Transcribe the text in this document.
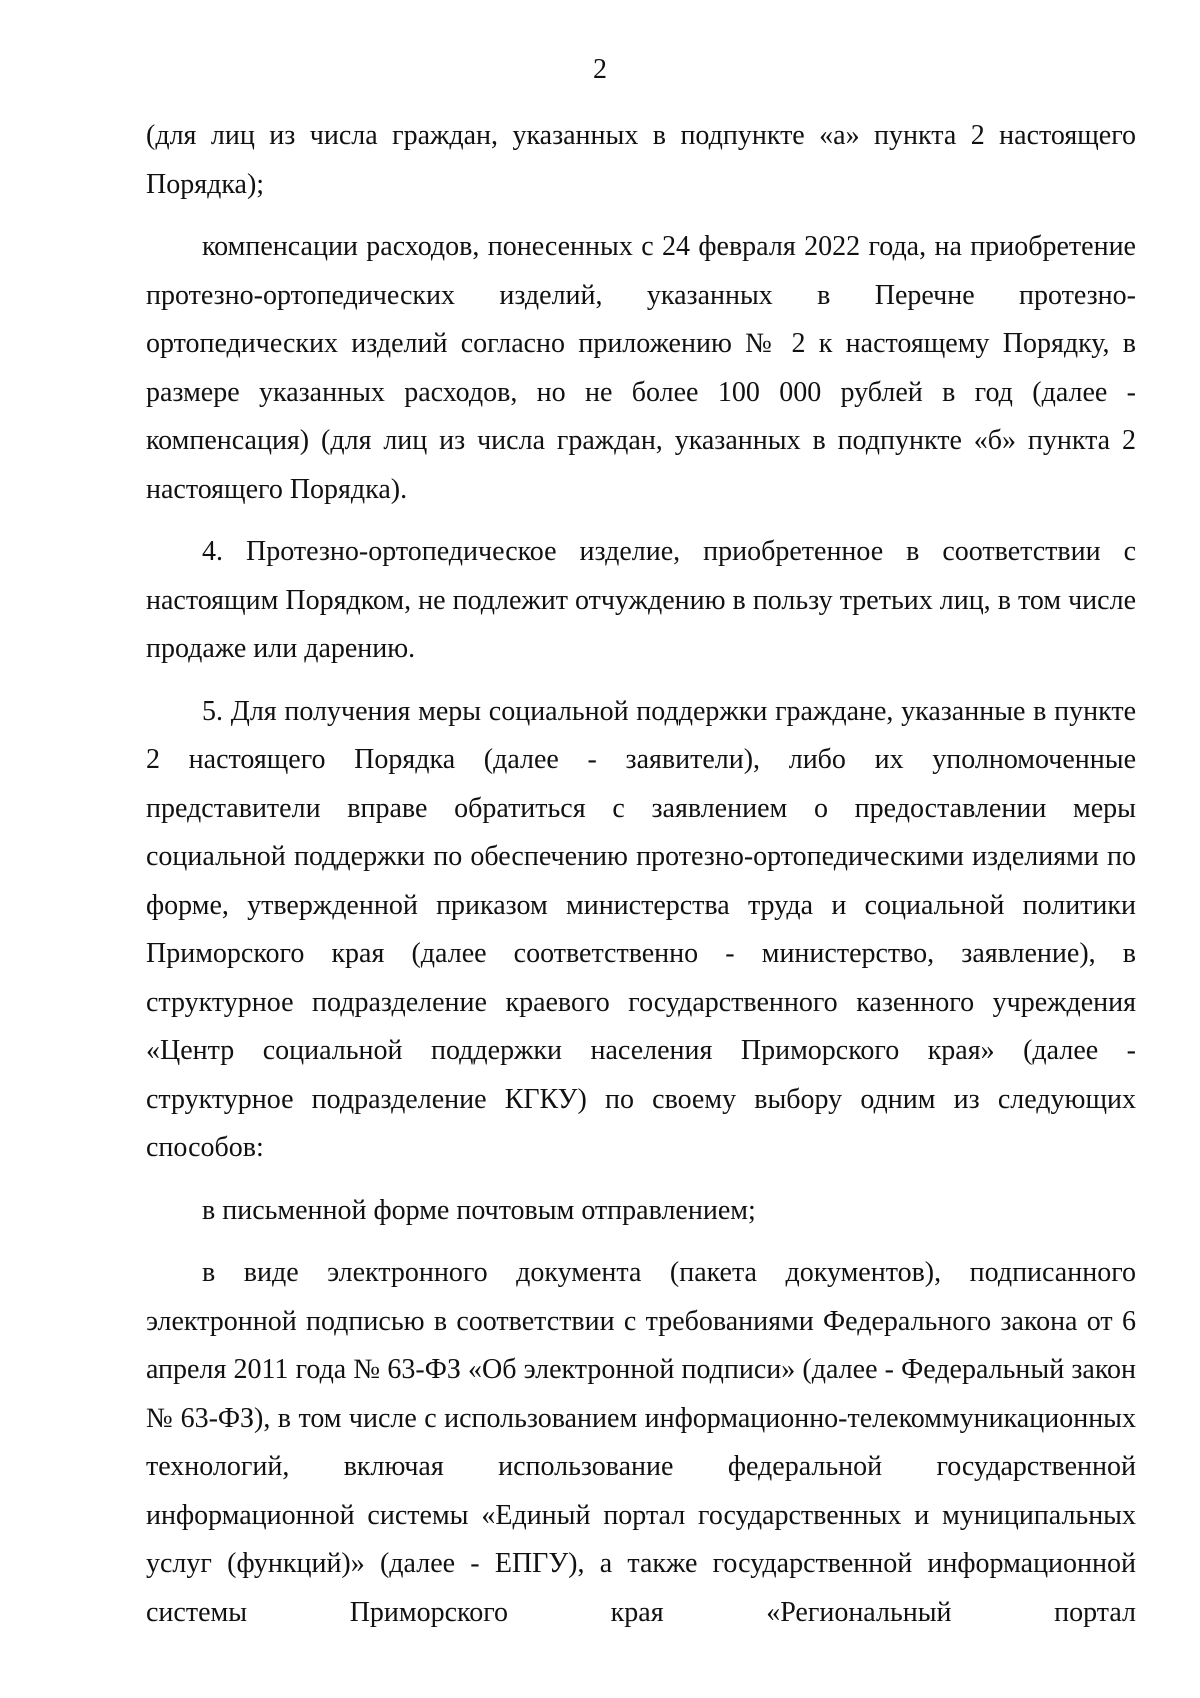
2

(для лиц из числа граждан, указанных в подпункте «а» пункта 2 настоящего Порядка);

компенсации расходов, понесенных с 24 февраля 2022 года, на приобретение протезно-ортопедических изделий, указанных в Перечне протезно-ортопедических изделий согласно приложению № 2 к настоящему Порядку, в размере указанных расходов, но не более 100 000 рублей в год (далее - компенсация) (для лиц из числа граждан, указанных в подпункте «б» пункта 2 настоящего Порядка).

4. Протезно-ортопедическое изделие, приобретенное в соответствии с настоящим Порядком, не подлежит отчуждению в пользу третьих лиц, в том числе продаже или дарению.

5. Для получения меры социальной поддержки граждане, указанные в пункте 2 настоящего Порядка (далее - заявители), либо их уполномоченные представители вправе обратиться с заявлением о предоставлении меры социальной поддержки по обеспечению протезно-ортопедическими изделиями по форме, утвержденной приказом министерства труда и социальной политики Приморского края (далее соответственно - министерство, заявление), в структурное подразделение краевого государственного казенного учреждения «Центр социальной поддержки населения Приморского края» (далее - структурное подразделение КГКУ) по своему выбору одним из следующих способов:

в письменной форме почтовым отправлением;

в виде электронного документа (пакета документов), подписанного электронной подписью в соответствии с требованиями Федерального закона от 6 апреля 2011 года № 63-ФЗ «Об электронной подписи» (далее - Федеральный закон № 63-ФЗ), в том числе с использованием информационно-телекоммуникационных технологий, включая использование федеральной государственной информационной системы «Единый портал государственных и муниципальных услуг (функций)» (далее - ЕПГУ), а также государственной информационной системы Приморского края «Региональный портал
